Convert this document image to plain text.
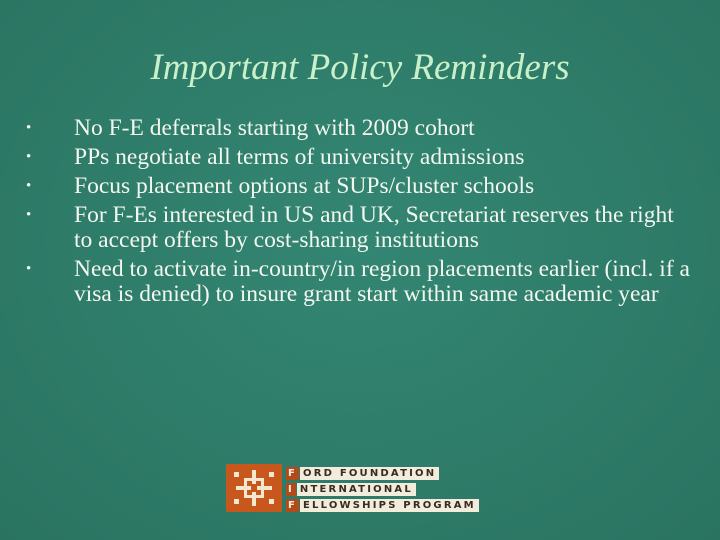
Important Policy Reminders
• No F-E deferrals starting with 2009 cohort
• PPs negotiate all terms of university admissions
• Focus placement options at SUPs/cluster schools
• For F-Es interested in US and UK, Secretariat reserves the right to accept offers by cost-sharing institutions
• Need to activate in-country/in region placements earlier (incl. if a visa is denied) to insure grant start within same academic year
F ORD FOUNDATION
I NTERNATIONAL
F ELLOWSHIPS PROGRAM
